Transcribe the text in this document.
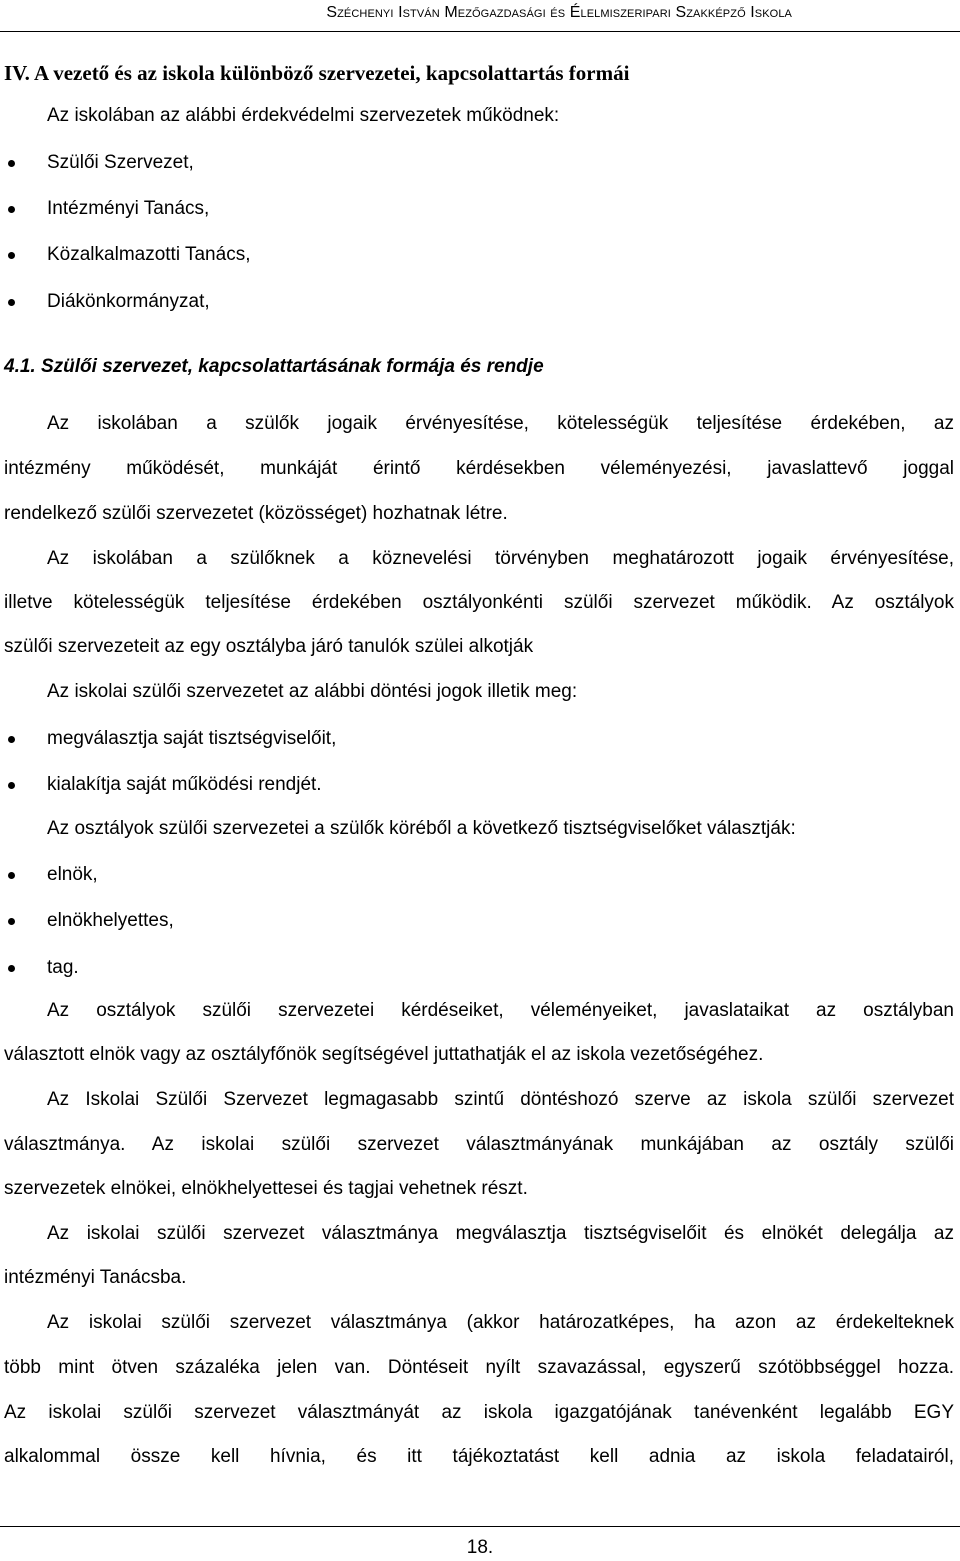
Széchenyi István Mezőgazdasági és Élelmiszeripari Szakképző Iskola
IV. A vezető és az iskola különböző szervezetei, kapcsolattartás formái
Az iskolában az alábbi érdekvédelmi szervezetek működnek:
Szülői Szervezet,
Intézményi Tanács,
Közalkalmazotti Tanács,
Diákönkormányzat,
4.1. Szülői szervezet, kapcsolattartásának formája és rendje
Az iskolában a szülők jogaik érvényesítése, kötelességük teljesítése érdekében, az
intézmény működését, munkáját érintő kérdésekben véleményezési, javaslattevő joggal
rendelkező szülői szervezetet (közösséget) hozhatnak létre.
Az iskolában a szülőknek a köznevelési törvényben meghatározott jogaik érvényesítése,
illetve kötelességük teljesítése érdekében osztályonkénti szülői szervezet működik. Az osztályok
szülői szervezeteit az egy osztályba járó tanulók szülei alkotják
Az iskolai szülői szervezetet az alábbi döntési jogok illetik meg:
megválasztja saját tisztségviselőit,
kialakítja saját működési rendjét.
Az osztályok szülői szervezetei a szülők köréből a következő tisztségviselőket választják:
elnök,
elnökhelyettes,
tag.
Az osztályok szülői szervezetei kérdéseiket, véleményeiket, javaslataikat az osztályban
választott elnök vagy az osztályfőnök segítségével juttathatják el az iskola vezetőségéhez.
Az Iskolai Szülői Szervezet legmagasabb szintű döntéshozó szerve az iskola szülői szervezet
választmánya. Az iskolai szülői szervezet választmányának munkájában az osztály szülői
szervezetek elnökei, elnökhelyettesei és tagjai vehetnek részt.
Az iskolai szülői szervezet választmánya megválasztja tisztségviselőit és elnökét delegálja az
intézményi Tanácsba.
Az iskolai szülői szervezet választmánya (akkor határozatképes, ha azon az érdekelteknek
több mint ötven százaléka jelen van. Döntéseit nyílt szavazással, egyszerű szótöbbséggel hozza.
Az iskolai szülői szervezet választmányát az iskola igazgatójának tanévenként legalább EGY
alkalommal össze kell hívnia, és itt tájékoztatást kell adnia az iskola feladatairól,
18.
